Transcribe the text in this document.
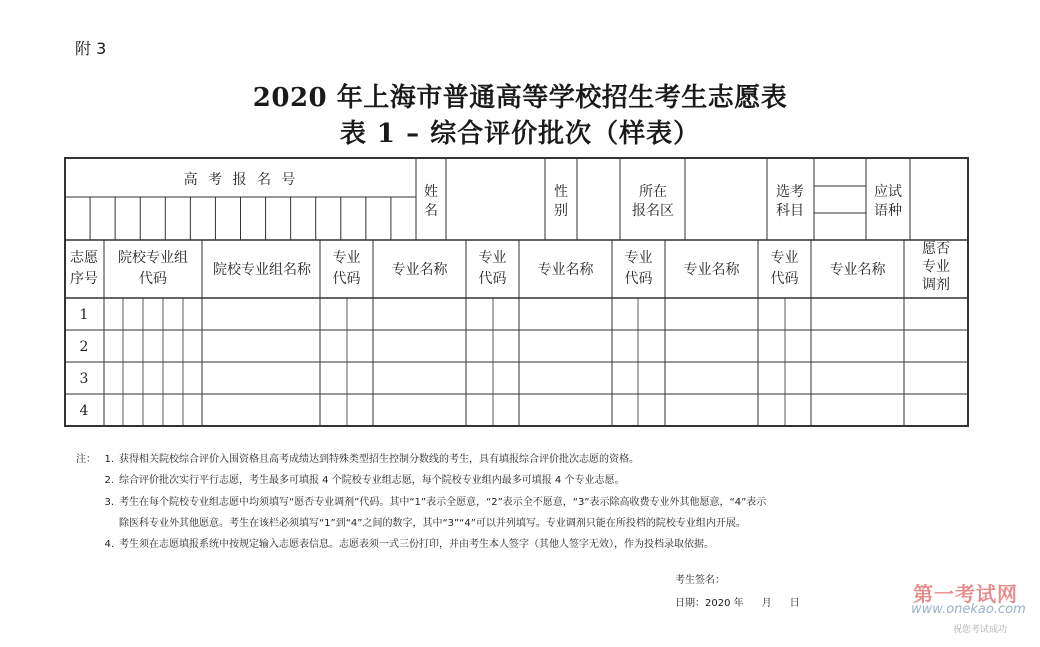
附 3
2020 年上海市普通高等学校招生考生志愿表
表 1 – 综合评价批次（样表）
高 考 报 名 号
姓
名
性
别
所在
报名区
选考
科目
应试
语种
志愿
序号
院校专业组
代码
院校专业组名称
专业
代码
专业名称
专业
代码
专业名称
专业
代码
专业名称
专业
代码
专业名称
愿否
专业
调剂
1
2
3
4
注： 1. 获得相关院校综合评价入围资格且高考成绩达到特殊类型招生控制分数线的考生，具有填报综合评价批次志愿的资格。
2. 综合评价批次实行平行志愿，考生最多可填报 4 个院校专业组志愿，每个院校专业组内最多可填报 4 个专业志愿。
3. 考生在每个院校专业组志愿中均须填写“愿否专业调剂”代码。其中“1”表示全愿意，“2”表示全不愿意，“3”表示除高收费专业外其他愿意，“4”表示
除医科专业外其他愿意。考生在该栏必须填写“1”到“4”之间的数字，其中“3”“4”可以并列填写。专业调剂只能在所投档的院校专业组内开展。
4. 考生须在志愿填报系统中按规定输入志愿表信息。志愿表须一式三份打印，并由考生本人签字（其他人签字无效），作为投档录取依据。
考生签名：
日期：2020 年 月 日	第一考试网
www.onekao.com
祝您考试成功
